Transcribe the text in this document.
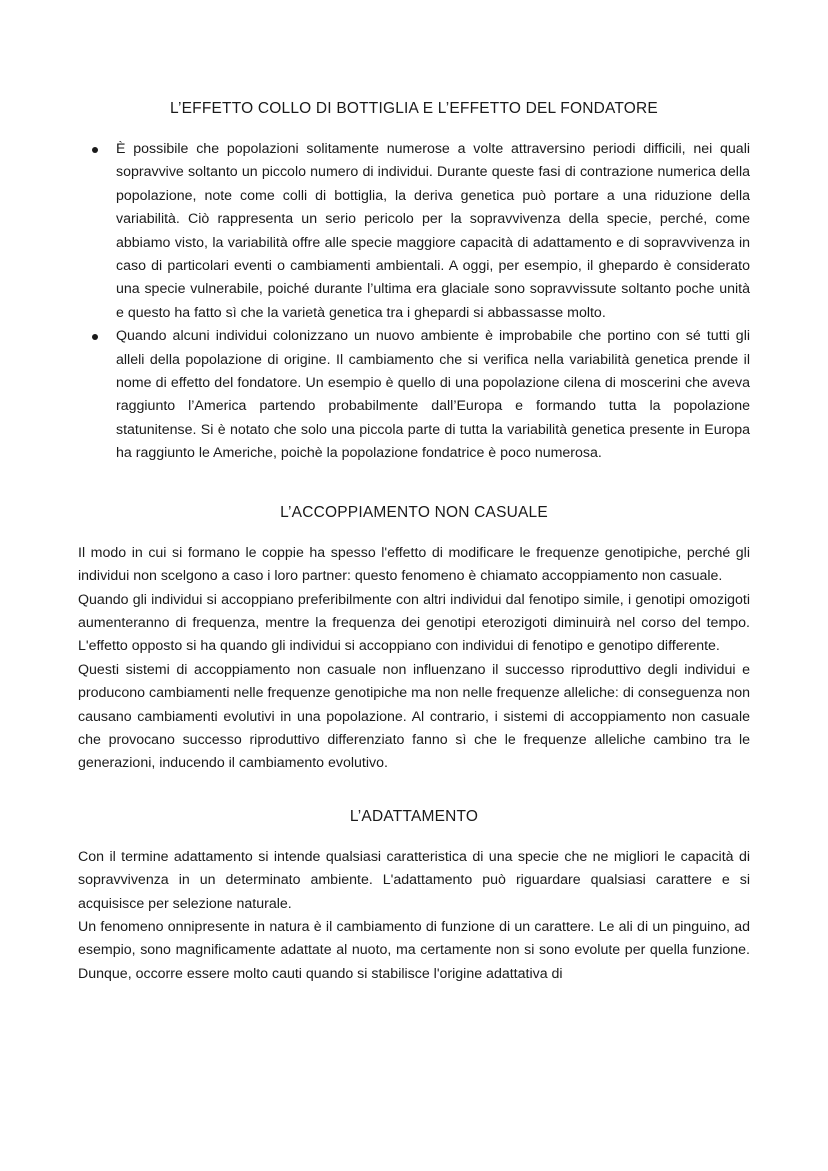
L’EFFETTO COLLO DI BOTTIGLIA E L’EFFETTO DEL FONDATORE
È possibile che popolazioni solitamente numerose a volte attraversino periodi difficili, nei quali sopravvive soltanto un piccolo numero di individui. Durante queste fasi di contrazione numerica della popolazione, note come colli di bottiglia, la deriva genetica può portare a una riduzione della variabilità. Ciò rappresenta un serio pericolo per la sopravvivenza della specie, perché, come abbiamo visto, la variabilità offre alle specie maggiore capacità di adattamento e di sopravvivenza in caso di particolari eventi o cambiamenti ambientali. A oggi, per esempio, il ghepardo è considerato una specie vulnerabile, poiché durante l’ultima era glaciale sono sopravvissute soltanto poche unità e questo ha fatto sì che la varietà genetica tra i ghepardi si abbassasse molto.
Quando alcuni individui colonizzano un nuovo ambiente è improbabile che portino con sé tutti gli alleli della popolazione di origine. Il cambiamento che si verifica nella variabilità genetica prende il nome di effetto del fondatore. Un esempio è quello di una popolazione cilena di moscerini che aveva raggiunto l’America partendo probabilmente dall’Europa e formando tutta la popolazione statunitense. Si è notato che solo una piccola parte di tutta la variabilità genetica presente in Europa ha raggiunto le Americhe, poichè la popolazione fondatrice è poco numerosa.
L’ACCOPPIAMENTO NON CASUALE

Il modo in cui si formano le coppie ha spesso l'effetto di modificare le frequenze genotipiche, perché gli individui non scelgono a caso i loro partner: questo fenomeno è chiamato accoppiamento non casuale.

Quando gli individui si accoppiano preferibilmente con altri individui dal fenotipo simile, i genotipi omozigoti aumenteranno di frequenza, mentre la frequenza dei genotipi eterozigoti diminuirà nel corso del tempo. L'effetto opposto si ha quando gli individui si accoppiano con individui di fenotipo e genotipo differente.

Questi sistemi di accoppiamento non casuale non influenzano il successo riproduttivo degli individui e producono cambiamenti nelle frequenze genotipiche ma non nelle frequenze alleliche: di conseguenza non causano cambiamenti evolutivi in una popolazione. Al contrario, i sistemi di accoppiamento non casuale che provocano successo riproduttivo differenziato fanno sì che le frequenze alleliche cambino tra le generazioni, inducendo il cambiamento evolutivo.

L’ADATTAMENTO

Con il termine adattamento si intende qualsiasi caratteristica di una specie che ne migliori le capacità di sopravvivenza in un determinato ambiente. L'adattamento può riguardare qualsiasi carattere e si acquisisce per selezione naturale.

Un fenomeno onnipresente in natura è il cambiamento di funzione di un carattere. Le ali di un pinguino, ad esempio, sono magnificamente adattate al nuoto, ma certamente non si sono evolute per quella funzione. Dunque, occorre essere molto cauti quando si stabilisce l'origine adattativa di
